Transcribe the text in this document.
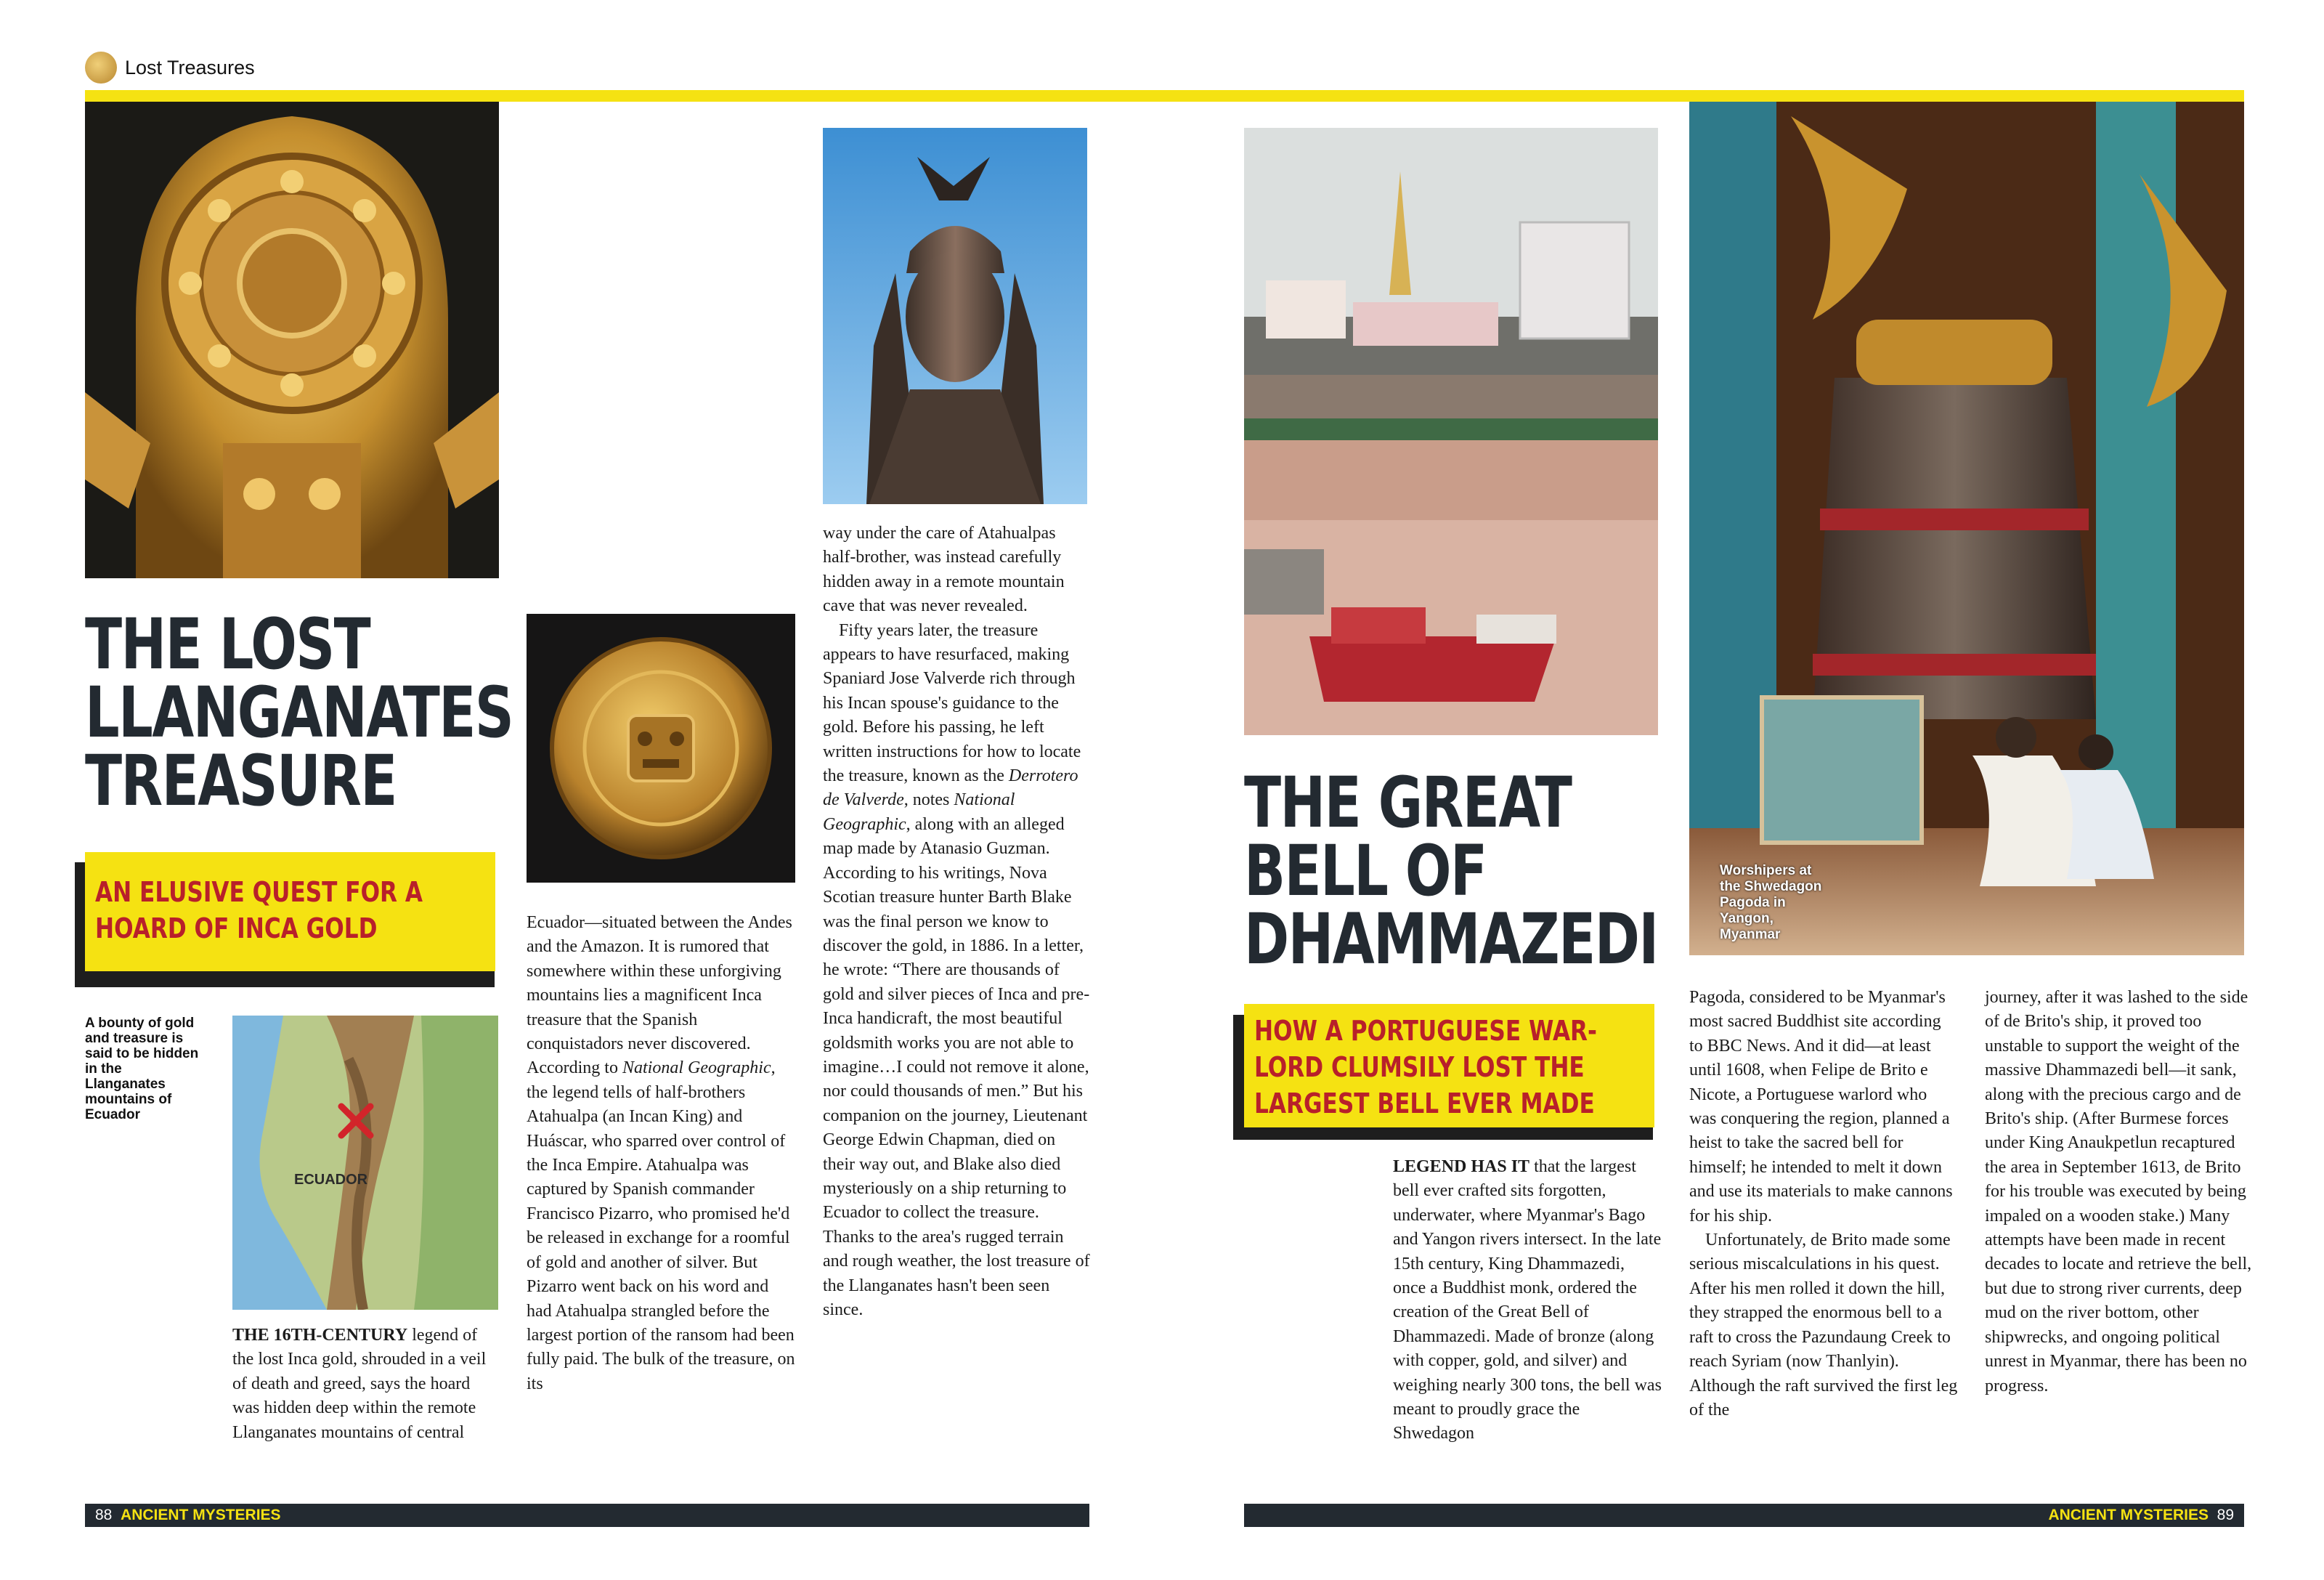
Lost Treasures
THE LOST
LLANGANATES
TREASURE
AN ELUSIVE QUEST FOR A
HOARD OF INCA GOLD
A bounty of gold and treasure is said to be hidden in the Llanganates mountains of Ecuador
ECUADOR

THE 16TH-CENTURY legend of the lost Inca gold, shrouded in a veil of death and greed, says the hoard was hidden deep within the remote Llanganates mountains of central

Ecuador—situated between the Andes and the Amazon. It is rumored that somewhere within these unforgiving mountains lies a magnificent Inca treasure that the Spanish conquistadors never discovered. According to National Geographic, the legend tells of half-brothers Atahualpa (an Incan King) and Huáscar, who sparred over control of the Inca Empire. Atahualpa was captured by Spanish commander Francisco Pizarro, who promised he'd be released in exchange for a roomful of gold and another of silver. But Pizarro went back on his word and had Atahualpa strangled before the largest portion of the ransom had been fully paid. The bulk of the treasure, on its

way under the care of Atahualpas half-brother, was instead carefully hidden away in a remote mountain cave that was never revealed.

Fifty years later, the treasure appears to have resurfaced, making Spaniard Jose Valverde rich through his Incan spouse's guidance to the gold. Before his passing, he left written instructions for how to locate the treasure, known as the Derrotero de Valverde, notes National Geographic, along with an alleged map made by Atanasio Guzman. According to his writings, Nova Scotian treasure hunter Barth Blake was the final person we know to discover the gold, in 1886. In a letter, he wrote: “There are thousands of gold and silver pieces of Inca and pre-Inca handicraft, the most beautiful goldsmith works you are not able to imagine…I could not remove it alone, nor could thousands of men.” But his companion on the journey, Lieutenant George Edwin Chapman, died on their way out, and Blake also died mysteriously on a ship returning to Ecuador to collect the treasure. Thanks to the area's rugged terrain and rough weather, the lost treasure of the Llanganates hasn't been seen since.

Worshipers at the Shwedagon Pagoda in Yangon, Myanmar
THE GREAT
BELL OF
DHAMMAZEDI
HOW A PORTUGUESE WAR-
LORD CLUMSILY LOST THE
LARGEST BELL EVER MADE

LEGEND HAS IT that the largest bell ever crafted sits forgotten, underwater, where Myanmar's Bago and Yangon rivers intersect. In the late 15th century, King Dhammazedi, once a Buddhist monk, ordered the creation of the Great Bell of Dhammazedi. Made of bronze (along with copper, gold, and silver) and weighing nearly 300 tons, the bell was meant to proudly grace the Shwedagon

Pagoda, considered to be Myanmar's most sacred Buddhist site according to BBC News. And it did—at least until 1608, when Felipe de Brito e Nicote, a Portuguese warlord who was conquering the region, planned a heist to take the sacred bell for himself; he intended to melt it down and use its materials to make cannons for his ship.

Unfortunately, de Brito made some serious miscalculations in his quest. After his men rolled it down the hill, they strapped the enormous bell to a raft to cross the Pazundaung Creek to reach Syriam (now Thanlyin). Although the raft survived the first leg of the

journey, after it was lashed to the side of de Brito's ship, it proved too unstable to support the weight of the massive Dhammazedi bell—it sank, along with the precious cargo and de Brito's ship. (After Burmese forces under King Anaukpetlun recaptured the area in September 1613, de Brito for his trouble was executed by being impaled on a wooden stake.) Many attempts have been made in recent decades to locate and retrieve the bell, but due to strong river currents, deep mud on the river bottom, other shipwrecks, and ongoing political unrest in Myanmar, there has been no progress.

88 ANCIENT MYSTERIES	ANCIENT MYSTERIES 89
